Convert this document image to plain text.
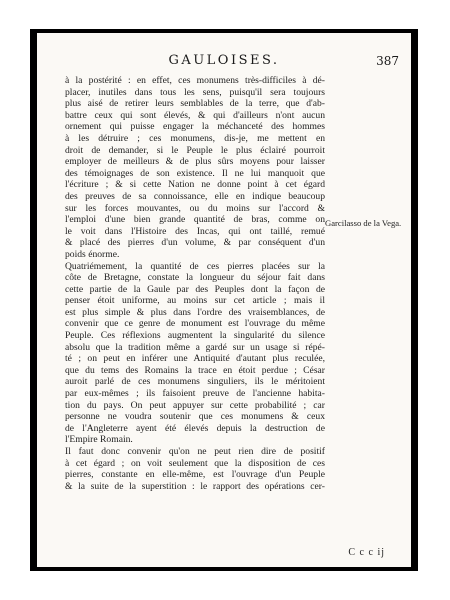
GAULOISES.	387
à la postérité : en effet, ces monumens très-difficiles à dé-
placer, inutiles dans tous les sens, puisqu'il sera toujours
plus aisé de retirer leurs semblables de la terre, que d'ab-
battre ceux qui sont élevés, & qui d'ailleurs n'ont aucun
ornement qui puisse engager la méchanceté des hommes
à les détruire ; ces monumens, dis-je, me mettent en
droit de demander, si le Peuple le plus éclairé pourroit
employer de meilleurs & de plus sûrs moyens pour laisser
des témoignages de son existence. Il ne lui manquoit que
l'écriture ; & si cette Nation ne donne point à cet égard
des preuves de sa connoissance, elle en indique beaucoup
sur les forces mouvantes, ou du moins sur l'accord &
l'emploi d'une bien grande quantité de bras, comme on
le voit dans l'Histoire des Incas, qui ont taillé, remué
& placé des pierres d'un volume, & par conséquent d'un
poids énorme.
Quatriémement, la quantité de ces pierres placées sur la
côte de Bretagne, constate la longueur du séjour fait dans
cette partie de la Gaule par des Peuples dont la façon de
penser étoit uniforme, au moins sur cet article ; mais il
est plus simple & plus dans l'ordre des vraisemblances, de
convenir que ce genre de monument est l'ouvrage du même
Peuple. Ces réflexions augmentent la singularité du silence
absolu que la tradition même a gardé sur un usage si répé-
té ; on peut en inférer une Antiquité d'autant plus reculée,
que du tems des Romains la trace en étoit perdue ; César
auroit parlé de ces monumens singuliers, ils le méritoient
par eux-mêmes ; ils faisoient preuve de l'ancienne habita-
tion du pays. On peut appuyer sur cette probabilité ; car
personne ne voudra soutenir que ces monumens & ceux
de l'Angleterre ayent été élevés depuis la destruction de
l'Empire Romain.
Il faut donc convenir qu'on ne peut rien dire de positif
à cet égard ; on voit seulement que la disposition de ces
pierres, constante en elle-même, est l'ouvrage d'un Peuple
& la suite de la superstition : le rapport des opérations cer-
Garcilasso de la Vega.
C c c ij
